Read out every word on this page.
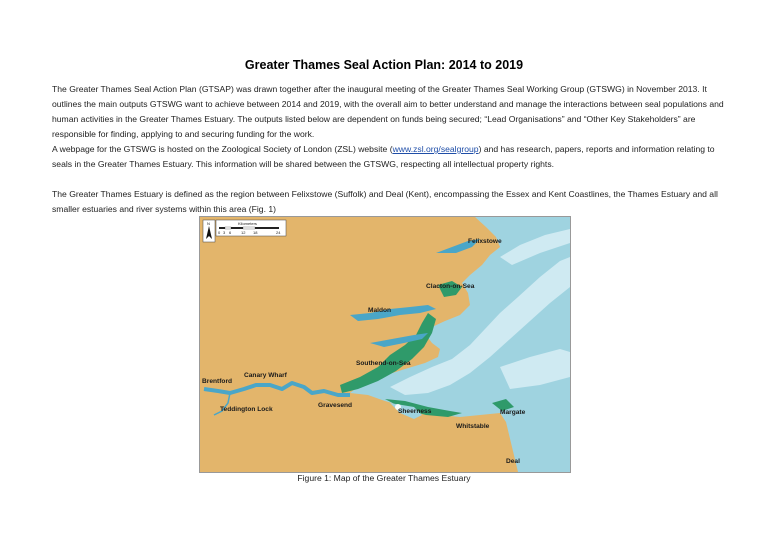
Greater Thames Seal Action Plan: 2014 to 2019

The Greater Thames Seal Action Plan (GTSAP) was drawn together after the inaugural meeting of the Greater Thames Seal Working Group (GTSWG) in November 2013. It outlines the main outputs GTSWG want to achieve between 2014 and 2019, with the overall aim to better understand and manage the interactions between seal populations and human activities in the Greater Thames Estuary. The outputs listed below are dependent on funds being secured; “Lead Organisations” and “Other Key Stakeholders” are responsible for finding, applying to and securing funding for the work.

A webpage for the GTSWG is hosted on the Zoological Society of London (ZSL) website (www.zsl.org/sealgroup) and has research, papers, reports and information relating to seals in the Greater Thames Estuary. This information will be shared between the GTSWG, respecting all intellectual property rights.

The Greater Thames Estuary is defined as the region between Felixstowe (Suffolk) and Deal (Kent), encompassing the Essex and Kent Coastlines, the Thames Estuary and all smaller estuaries and river systems within this area (Fig. 1)

N	Kilometers
0 3 6 12 18	24
Felixstowe
Clacton-on-Sea
Maldon
Southend-on-Sea
Canary Wharf
Brentford
Teddington Lock
Gravesend
Sheerness	Margate
Whitstable
Deal

Figure 1: Map of the Greater Thames Estuary
